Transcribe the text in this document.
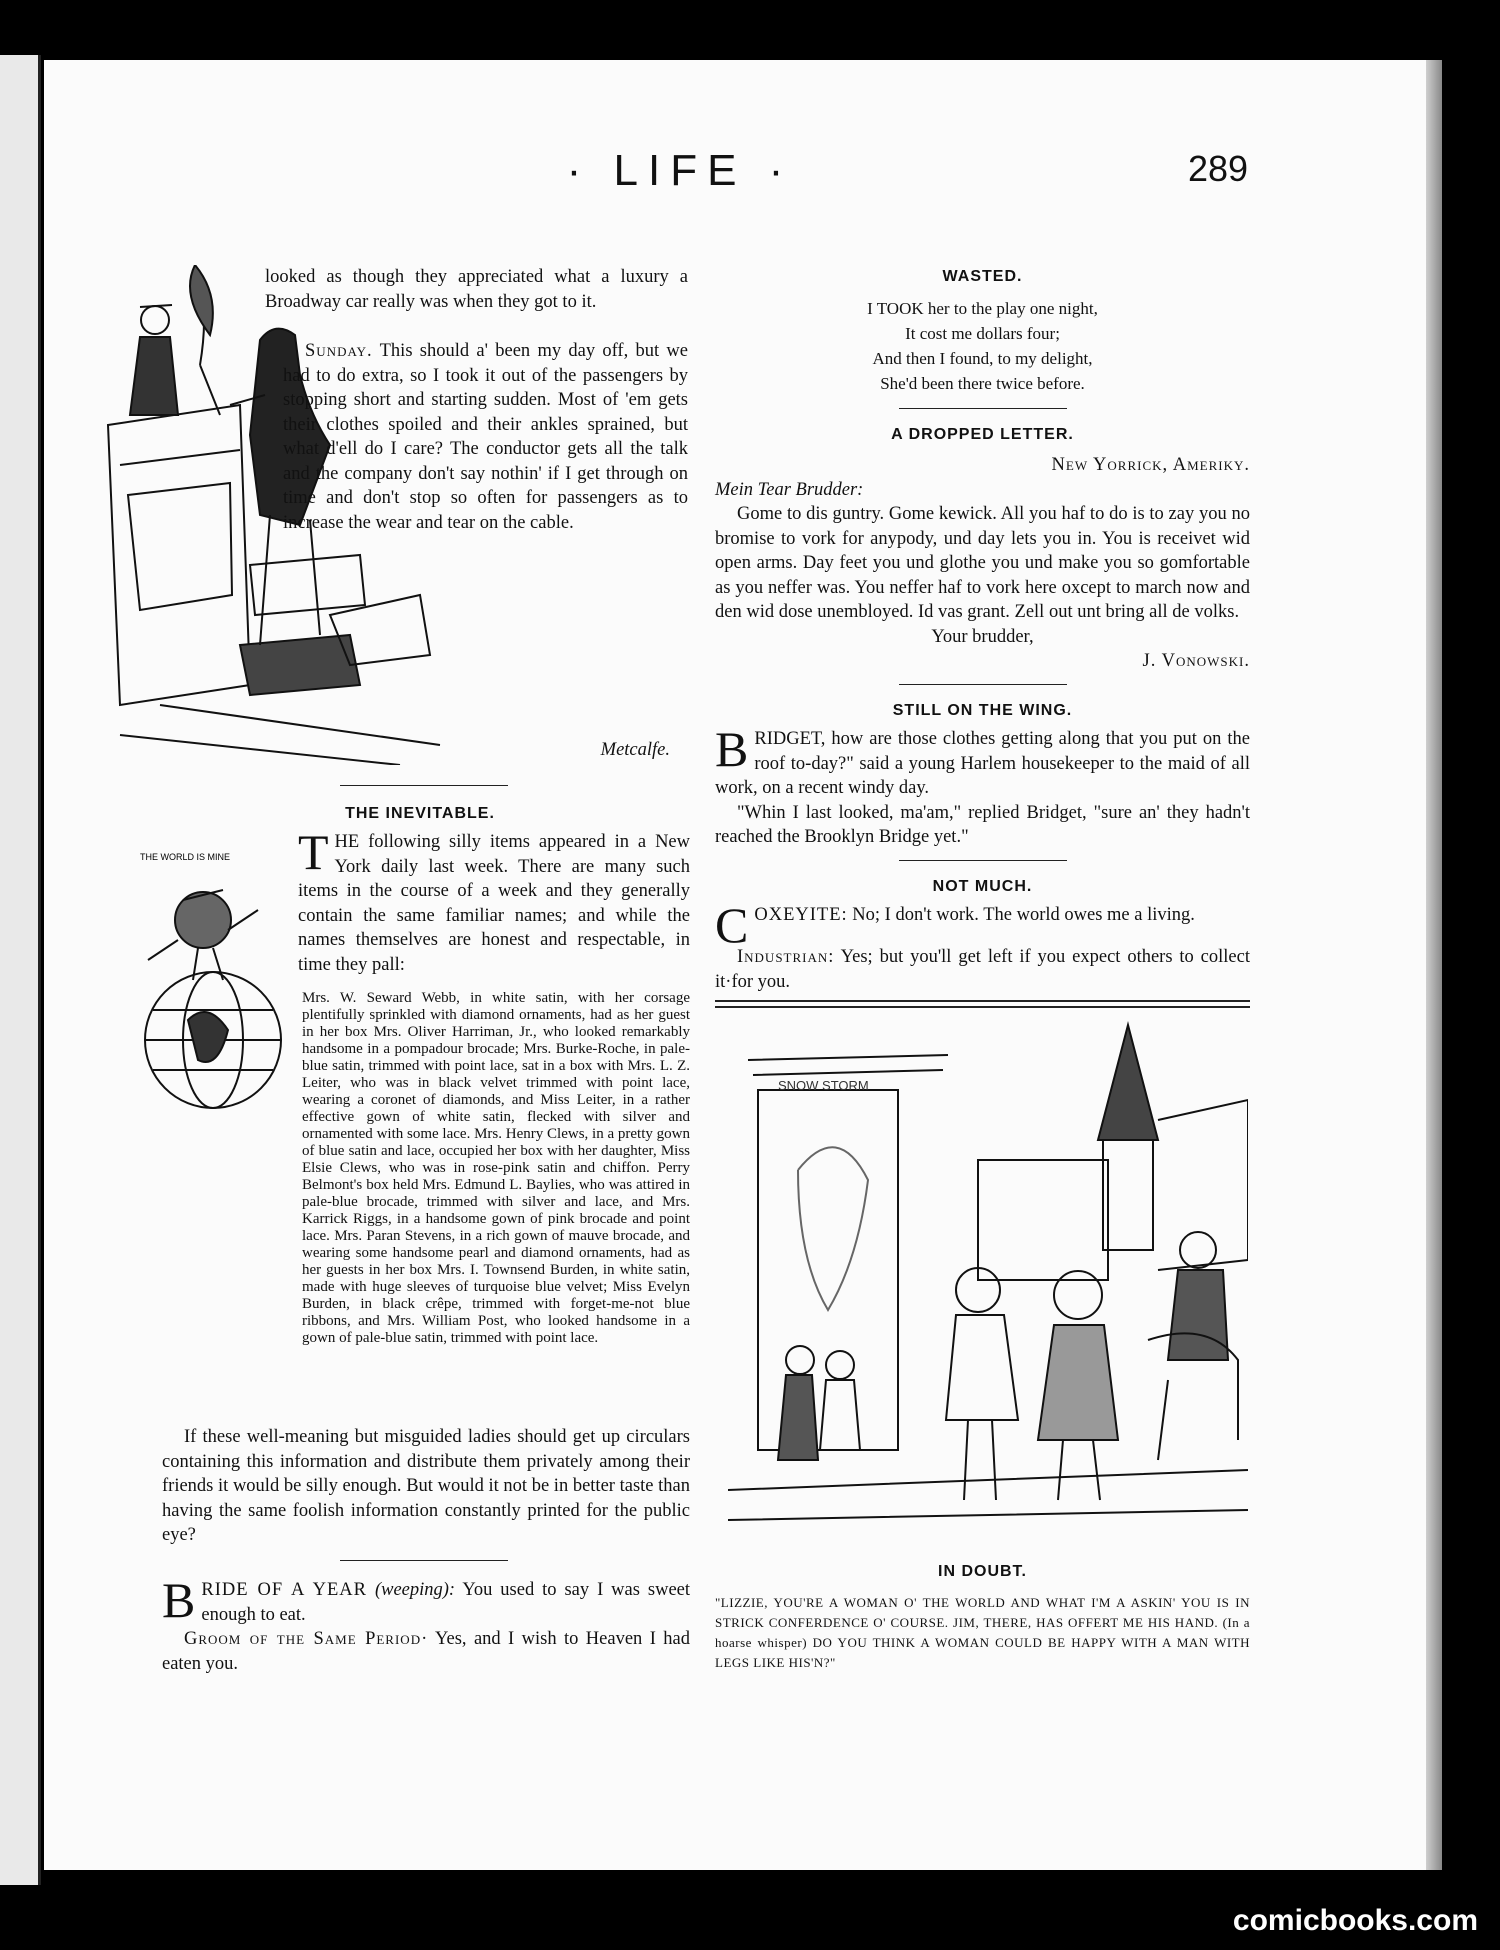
· LIFE ·	289

looked as though they appreciated what a luxury a Broadway car really was when they got to it.

Sunday. This should a' been my day off, but we had to do extra, so I took it out of the passengers by stopping short and starting sudden. Most of 'em gets their clothes spoiled and their ankles sprained, but what d'ell do I care? The conductor gets all the talk and the company don't say nothin' if I get through on time and don't stop so often for passengers as to increase the wear and tear on the cable.

Metcalfe.

THE INEVITABLE.

THE WORLD IS MINE THE following silly items appeared in a New York daily last week. There are many such items in the course of a week and they generally contain the same familiar names; and while the names themselves are honest and respectable, in time they pall:

Mrs. W. Seward Webb, in white satin, with her corsage plentifully sprinkled with diamond ornaments, had as her guest in her box Mrs. Oliver Harriman, Jr., who looked remarkably handsome in a pompadour brocade; Mrs. Burke-Roche, in pale-blue satin, trimmed with point lace, sat in a box with Mrs. L. Z. Leiter, who was in black velvet trimmed with point lace, wearing a coronet of diamonds, and Miss Leiter, in a rather effective gown of white satin, flecked with silver and ornamented with some lace. Mrs. Henry Clews, in a pretty gown of blue satin and lace, occupied her box with her daughter, Miss Elsie Clews, who was in rose-pink satin and chiffon. Perry Belmont's box held Mrs. Edmund L. Baylies, who was attired in pale-blue brocade, trimmed with silver and lace, and Mrs. Karrick Riggs, in a handsome gown of pink brocade and point lace. Mrs. Paran Stevens, in a rich gown of mauve brocade, and wearing some handsome pearl and diamond ornaments, had as her guests in her box Mrs. I. Townsend Burden, in white satin, made with huge sleeves of turquoise blue velvet; Miss Evelyn Burden, in black crêpe, trimmed with forget-me-not blue ribbons, and Mrs. William Post, who looked handsome in a gown of pale-blue satin, trimmed with point lace.

If these well-meaning but misguided ladies should get up circulars containing this information and distribute them privately among their friends it would be silly enough. But would it not be in better taste than having the same foolish information constantly printed for the public eye?

BRIDE OF A YEAR (weeping): You used to say I was sweet enough to eat.

Groom of the Same Period· Yes, and I wish to Heaven I had eaten you.

WASTED.

I TOOK her to the play one night,
It cost me dollars four;
And then I found, to my delight,
She'd been there twice before.

A DROPPED LETTER.

New Yorrick, Ameriky.

Mein Tear Brudder:

Gome to dis guntry. Gome kewick. All you haf to do is to zay you no bromise to vork for anypody, und day lets you in. You is receivet wid open arms. Day feet you und glothe you und make you so gomfortable as you neffer was. You neffer haf to vork here oxcept to march now and den wid dose unembloyed. Id vas grant. Zell out unt bring all de volks.

Your brudder,

J. Vonowski.

STILL ON THE WING.

BRIDGET, how are those clothes getting along that you put on the roof to-day?" said a young Harlem housekeeper to the maid of all work, on a recent windy day.

"Whin I last looked, ma'am," replied Bridget, "sure an' they hadn't reached the Brooklyn Bridge yet."

NOT MUCH.

COXEYITE: No; I don't work. The world owes me a living.

Industrian: Yes; but you'll get left if you expect others to collect it·for you.

SNOW STORM

IN DOUBT.

"LIZZIE, YOU'RE A WOMAN O' THE WORLD AND WHAT I'M A ASKIN' YOU IS IN STRICK CONFERDENCE O' COURSE. JIM, THERE, HAS OFFERT ME HIS HAND. (In a hoarse whisper) DO YOU THINK A WOMAN COULD BE HAPPY WITH A MAN WITH LEGS LIKE HIS'N?"

comicbooks.com
